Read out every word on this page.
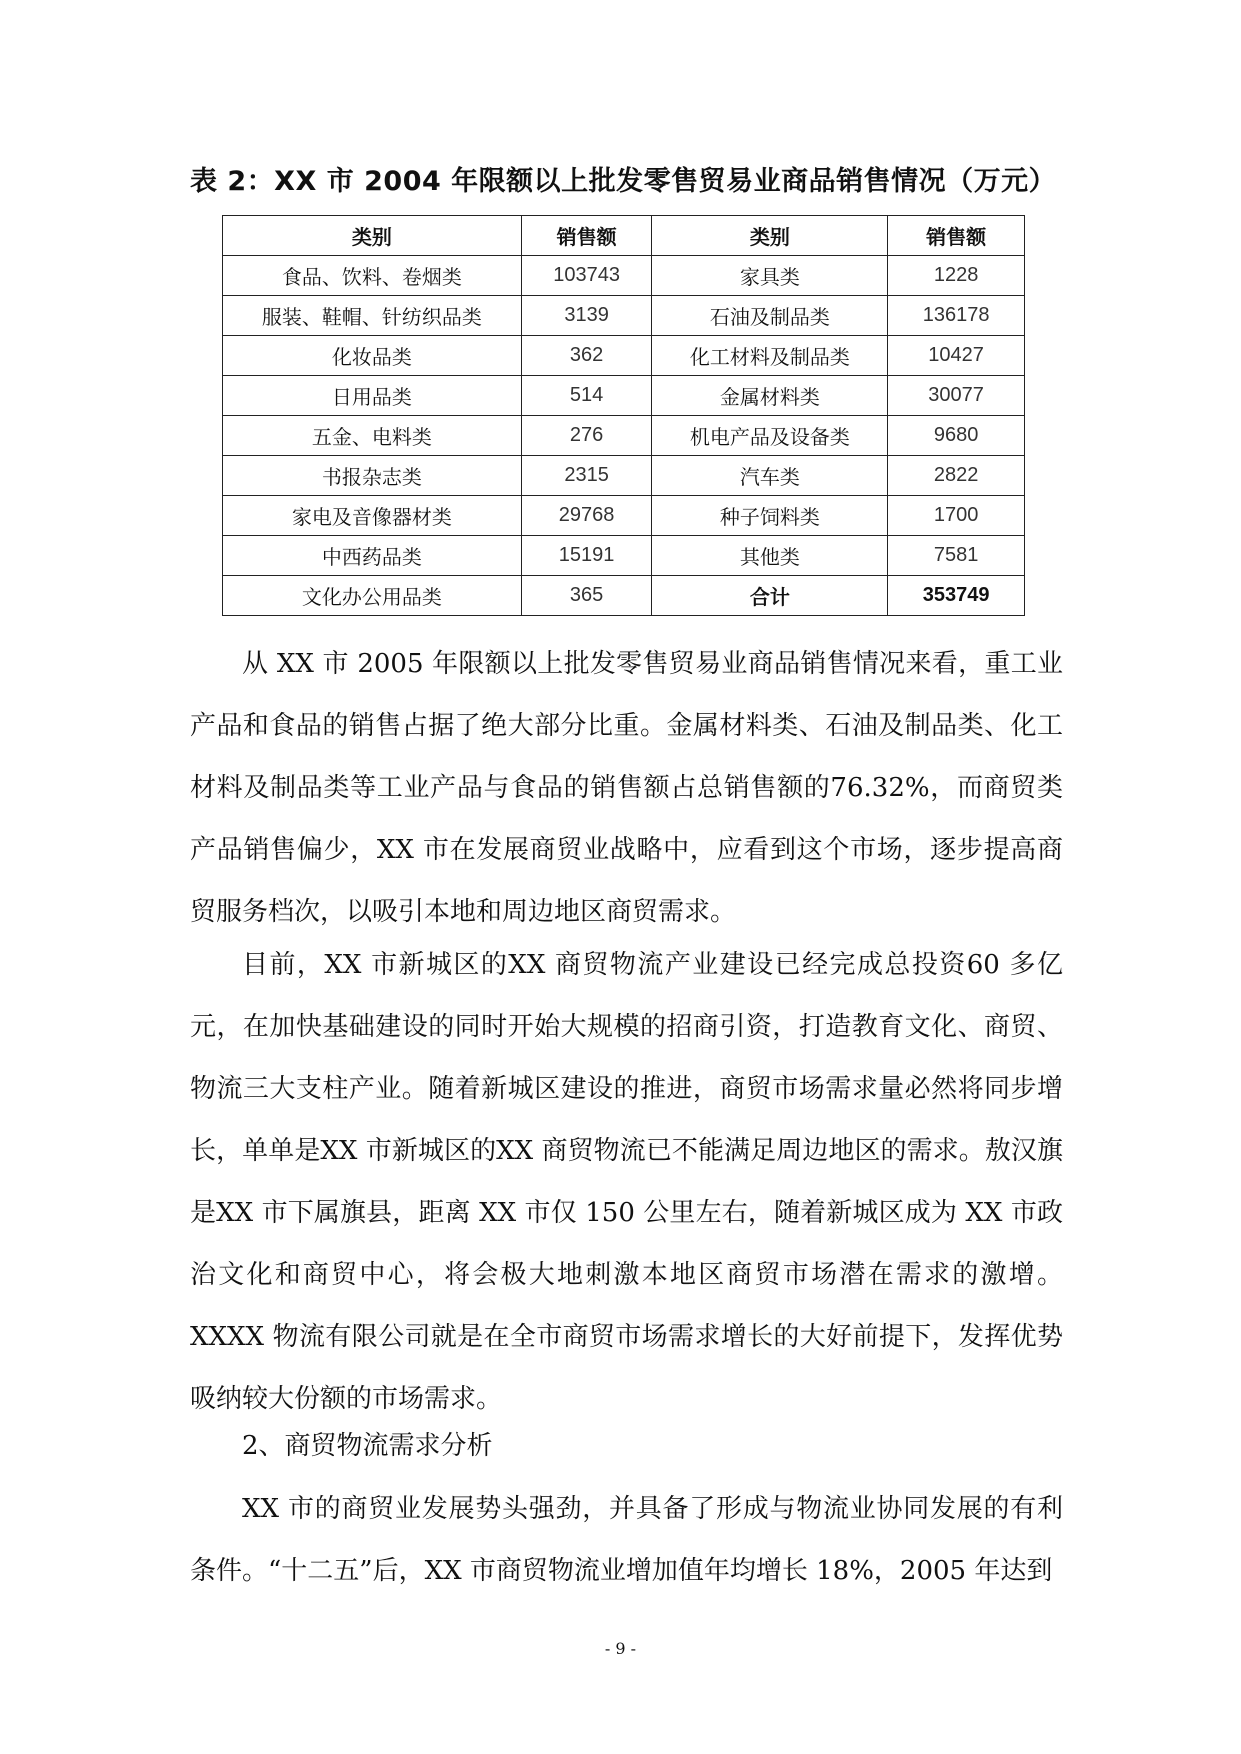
表 2：XX 市 2004 年限额以上批发零售贸易业商品销售情况（万元）
类别	销售额	类别	销售额
食品、饮料、卷烟类	103743	家具类	1228
服装、鞋帽、针纺织品类	3139	石油及制品类	136178
化妆品类	362	化工材料及制品类	10427
日用品类	514	金属材料类	30077
五金、电料类	276	机电产品及设备类	9680
书报杂志类	2315	汽车类	2822
家电及音像器材类	29768	种子饲料类	1700
中西药品类	15191	其他类	7581
文化办公用品类	365	合计	353749

从 XX 市 2005 年限额以上批发零售贸易业商品销售情况来看，重工业产品和食品的销售占据了绝大部分比重。金属材料类、石油及制品类、化工材料及制品类等工业产品与食品的销售额占总销售额的76.32%，而商贸类产品销售偏少，XX 市在发展商贸业战略中，应看到这个市场，逐步提高商贸服务档次，以吸引本地和周边地区商贸需求。

目前，XX 市新城区的XX 商贸物流产业建设已经完成总投资60 多亿元，在加快基础建设的同时开始大规模的招商引资，打造教育文化、商贸、物流三大支柱产业。随着新城区建设的推进，商贸市场需求量必然将同步增长，单单是XX 市新城区的XX 商贸物流已不能满足周边地区的需求。敖汉旗是XX 市下属旗县，距离 XX 市仅 150 公里左右，随着新城区成为 XX 市政治文化和商贸中心，将会极大地刺激本地区商贸市场潜在需求的激增。XXXX 物流有限公司就是在全市商贸市场需求增长的大好前提下，发挥优势吸纳较大份额的市场需求。

2、商贸物流需求分析

XX 市的商贸业发展势头强劲，并具备了形成与物流业协同发展的有利条件。“十二五”后，XX 市商贸物流业增加值年均增长 18%，2005 年达到

- 9 -
